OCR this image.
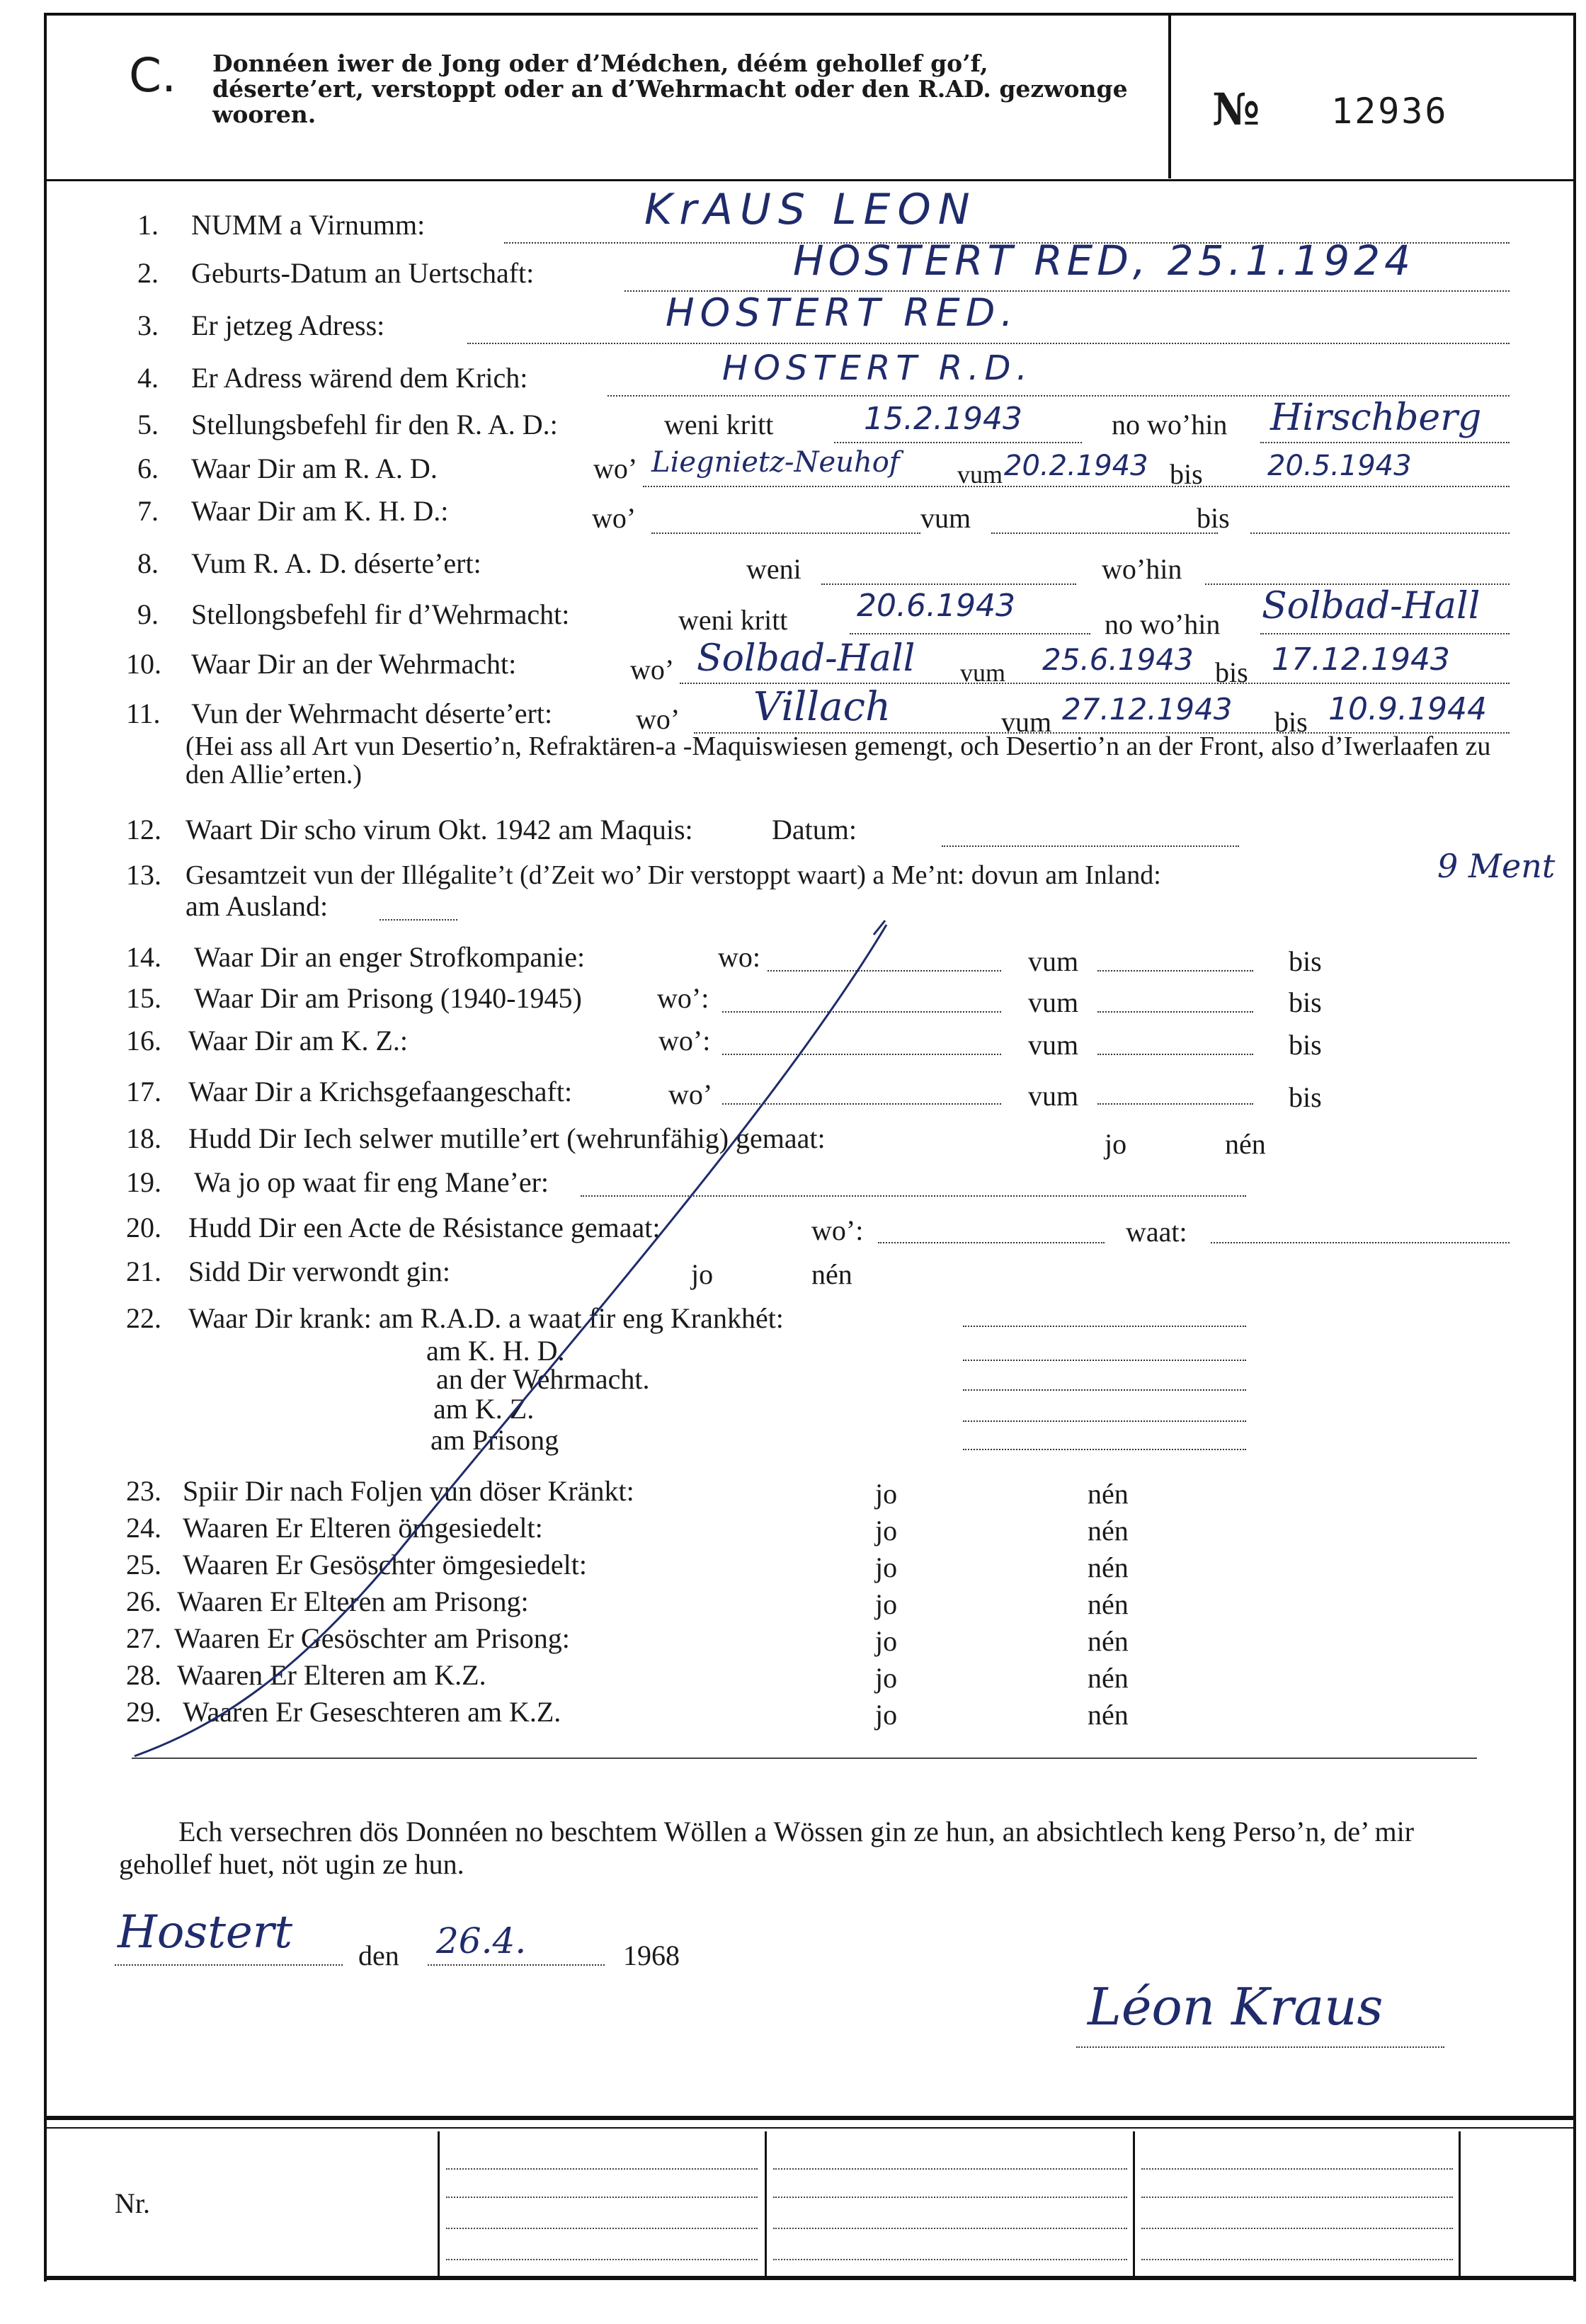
C. Donnéen iwer de Jong oder d’Médchen, déém gehollef go’f, déserte’ert, verstoppt oder an d’Wehrmacht oder den R.AD. gezwonge wooren.	№ 12936
1. NUMM a Virnumm:	KrAUS LEON
2. Geburts-Datum an Uertschaft:	HOSTERT RED, 25.1.1924
3. Er jetzeg Adress:	HOSTERT RED.
4. Er Adress wärend dem Krich:	HOSTERT R.D.
5. Stellungsbefehl fir den R. A. D.:	weni kritt	15.2.1943	no wo’hin Hirschberg
6. Waar Dir am R. A. D.	wo’ Liegnietz-Neuhof vum 20.2.1943 bis 20.5.1943
7. Waar Dir am K. H. D.:	wo’	vum	bis
8. Vum R. A. D. déserte’ert:	weni	wo’hin
9. Stellongsbefehl fir d’Wehrmacht:	weni kritt 20.6.1943
no wo’hin Solbad-Hall
10. Waar Dir an der Wehrmacht:	wo’ Solbad-Hall vum 25.6.1943 bis 17.12.1943
11. Vun der Wehrmacht déserte’ert:	wo’ Villach	vum 27.12.1943 bis 10.9.1944
(Hei ass all Art vun Desertio’n, Refraktären-a -Maquiswiesen gemengt, och Desertio’n an der Front, also d’Iwerlaafen zu den Allie’erten.)
12. Waart Dir scho virum Okt. 1942 am Maquis:	Datum:
13. Gesamtzeit vun der Illégalite’t (d’Zeit wo’ Dir verstoppt waart) a Me’nt: dovun am Inland:	9 Ment
am Ausland:
14. Waar Dir an enger Strofkompanie:	wo:	vum	bis
15. Waar Dir am Prisong (1940-1945)	wo’:	vum	bis
16. Waar Dir am K. Z.:	wo’:	vum	bis
17. Waar Dir a Krichsgefaangeschaft:	wo’	vum	bis
18. Hudd Dir Iech selwer mutille’ert (wehrunfähig) gemaat:	jo	nén
19. Wa jo op waat fir eng Mane’er:
20. Hudd Dir een Acte de Résistance gemaat:	wo’:	waat:
21. Sidd Dir verwondt gin:	jo	nén
22. Waar Dir krank: am R.A.D. a waat fir eng Krankhét:
am K. H. D.
an der Wehrmacht.
am K. Z.
am Prisong
23. Spiir Dir nach Foljen vun döser Kränkt:	jo	nén
24. Waaren Er Elteren ömgesiedelt:	jo	nén
25. Waaren Er Gesöschter ömgesiedelt:	jo	nén
26. Waaren Er Elteren am Prisong:	jo	nén
27. Waaren Er Gesöschter am Prisong:	jo	nén
28. Waaren Er Elteren am K.Z.	jo	nén
29. Waaren Er Geseschteren am K.Z.	jo	nén
Ech versechren dös Donnéen no beschtem Wöllen a Wössen gin ze hun, an absichtlech keng Perso’n, de’ mir gehollef huet, nöt ugin ze hun.
Hostert den 26.4.	1968
Léon Kraus
Nr.
